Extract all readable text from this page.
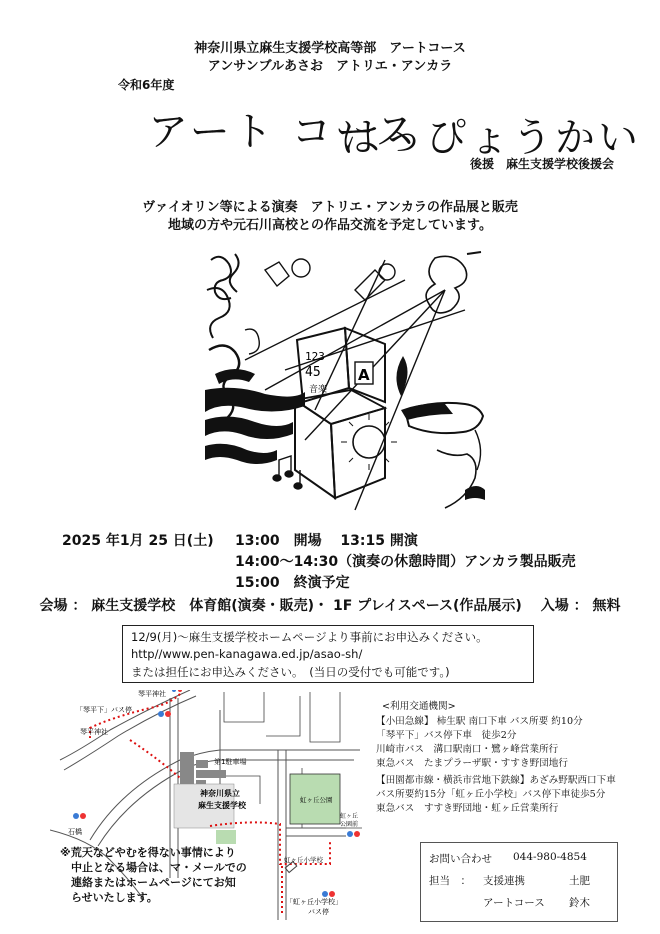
神奈川県立麻生支援学校高等部　アートコース
アンサンブルあさお　アトリエ・アンカラ
令和6年度
アート コース
はっぴょうかい
後援　麻生支援学校後援会
ヴァイオリン等による演奏　アトリエ・アンカラの作品展と販売
地域の方や元石川高校との作品交流を予定しています。
123
45
音楽
A
2025 年1月 25 日(土) 13:00　開場　 13:15 開演
14:00～14:30（演奏の休憩時間）アンカラ製品販売
15:00　終演予定
会場 ： 麻生支援学校　体育館(演奏・販売)・ 1F プレイスペース(作品展示)　 入場 ： 無料
12/9(月)～麻生支援学校ホームページより事前にお申込みください。
http//www.pen-kanagawa.ed.jp/asao-sh/
または担任にお申込みください。　(当日の受付でも可能です。)
「琴平下」バス停
琴平神社
琴平神社
石橋
第1駐車場
神奈川県立
麻生支援学校
虹ヶ丘公園
虹ヶ丘
公園前
虹ヶ丘小学校
「虹ヶ丘小学校」
バス停
<利用交通機関>
【小田急線】 柿生駅 南口下車 バス所要 約10分
「琴平下」バス停下車　徒歩2分
川崎市バス　溝口駅南口・鷺ヶ峰営業所行
東急バス　たまプラーザ駅・すすき野団地行
【田園都市線・横浜市営地下鉄線】あざみ野駅西口下車
バス所要約15分「虹ヶ丘小学校」バス停下車徒歩5分
東急バス　すすき野団地・虹ヶ丘営業所行
※荒天などやむを得ない事情により
中止となる場合は、マ・メールでの
連絡またはホームページにてお知
らせいたします。
お問い合わせ 044-980-4854
担当　： 支援連携	土肥
アートコース 鈴木
